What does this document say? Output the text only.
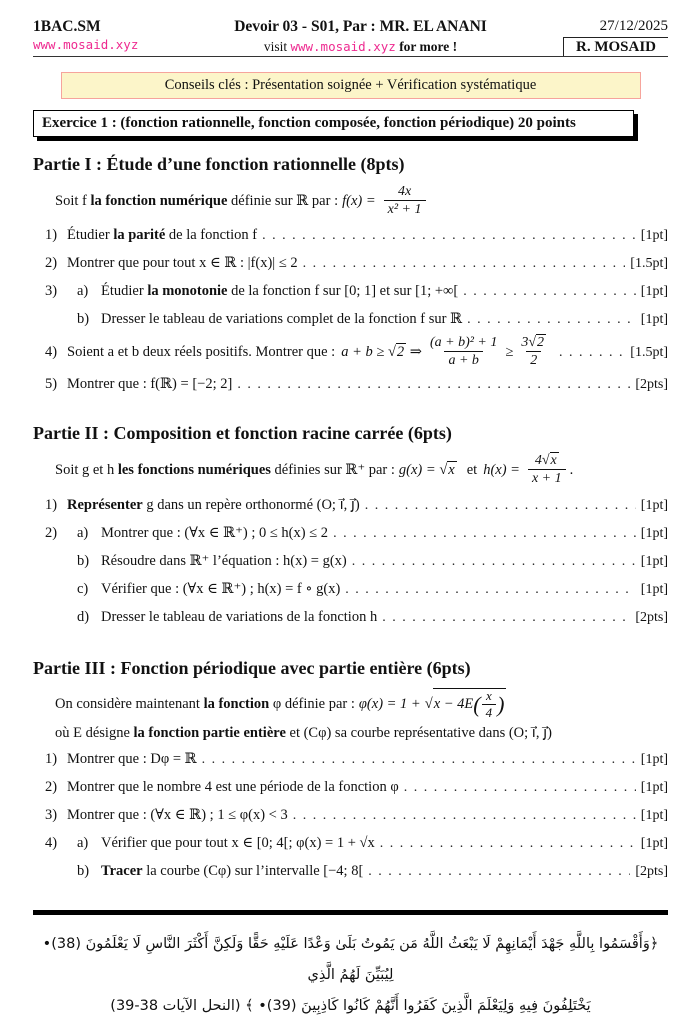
1BAC.SM
www.mosaid.xyz
Devoir 03 - S01, Par : MR. EL ANANI
visit www.mosaid.xyz for more !
27/12/2025
R. MOSAID
Conseils clés : Présentation soignée + Vérification systématique
Exercice 1 : (fonction rationnelle, fonction composée, fonction périodique) 20 points
Partie I : Étude d’une fonction rationnelle (8pts)
Soit f la fonction numérique définie sur ℝ par : $f(x) = \frac{4x}{\text{x² + 1}}$
1) Étudier la parité de la fonction f . . .	[1pt]
2) Montrer que pour tout x ∈ ℝ : |f(x)| ≤ 2 . . .	[1.5pt]
3)	a) Étudier la monotonie de la fonction f sur [0; 1] et sur [1; +∞[ . . .	[1pt]
b) Dresser le tableau de variations complet de la fonction f sur ℝ . . .	[1pt]
4) Soient a et b deux réels positifs. Montrer que : a + b ≥ √ 2 ⇒ $\frac{\text{(a + b)² + 1}}{a + b} \ge \frac{3 √ 2}{2}$ . . .	[1.5pt]
5) Montrer que : f(ℝ) = [−2; 2] . . .	[2pts]
Partie II : Composition et fonction racine carrée (6pts)
Soit g et h les fonctions numériques définies sur ℝ⁺ par : g(x) = √ x et $h(x) = \frac{4 √ x}{x + 1}$ .
1) Représenter g dans un repère orthonormé (O; i⃗, j⃗) . . .	[1pt]
2)	a) Montrer que : (∀x ∈ ℝ⁺) ; 0 ≤ h(x) ≤ 2 . . .	[1pt]
b) Résoudre dans ℝ⁺ l’équation : h(x) = g(x) . . .	[1pt]
c) Vérifier que : (∀x ∈ ℝ⁺) ; h(x) = f ∘ g(x) . . .	[1pt]
d) Dresser le tableau de variations de la fonction h . . .	[2pts]
Partie III : Fonction périodique avec partie entière (6pts)
On considère maintenant la fonction φ définie par : φ(x) = 1 + √ x − 4E ( $\frac{x}{4}$ )
où E désigne la fonction partie entière et (Cφ) sa courbe représentative dans (O; i⃗, j⃗)
1) Montrer que : Dφ = ℝ . . .	[1pt]
2) Montrer que le nombre 4 est une période de la fonction φ . . .	[1pt]
3) Montrer que : (∀x ∈ ℝ) ; 1 ≤ φ(x) < 3 . . .	[1pt]
4)	a) Vérifier que pour tout x ∈ [0; 4[; φ(x) = 1 + √x . . .	[1pt]
b) Tracer la courbe (Cφ) sur l’intervalle [−4; 8[ . . .	[2pts]
﴿وَأَقْسَمُوا بِاللَّهِ جَهْدَ أَيْمَانِهِمْ لَا يَبْعَثُ اللَّهُ مَن يَمُوتُ بَلَىٰ وَعْدًا عَلَيْهِ حَقًّا وَلَكِنَّ أَكْثَرَ النَّاسِ لَا يَعْلَمُونَ (38)• لِيُبَيِّنَ لَهُمُ الَّذِي
يَخْتَلِفُونَ فِيهِ وَلِيَعْلَمَ الَّذِينَ كَفَرُوا أَنَّهُمْ كَانُوا كَاذِبِينَ (39)• ﴾ (النحل الآيات 38-39)
